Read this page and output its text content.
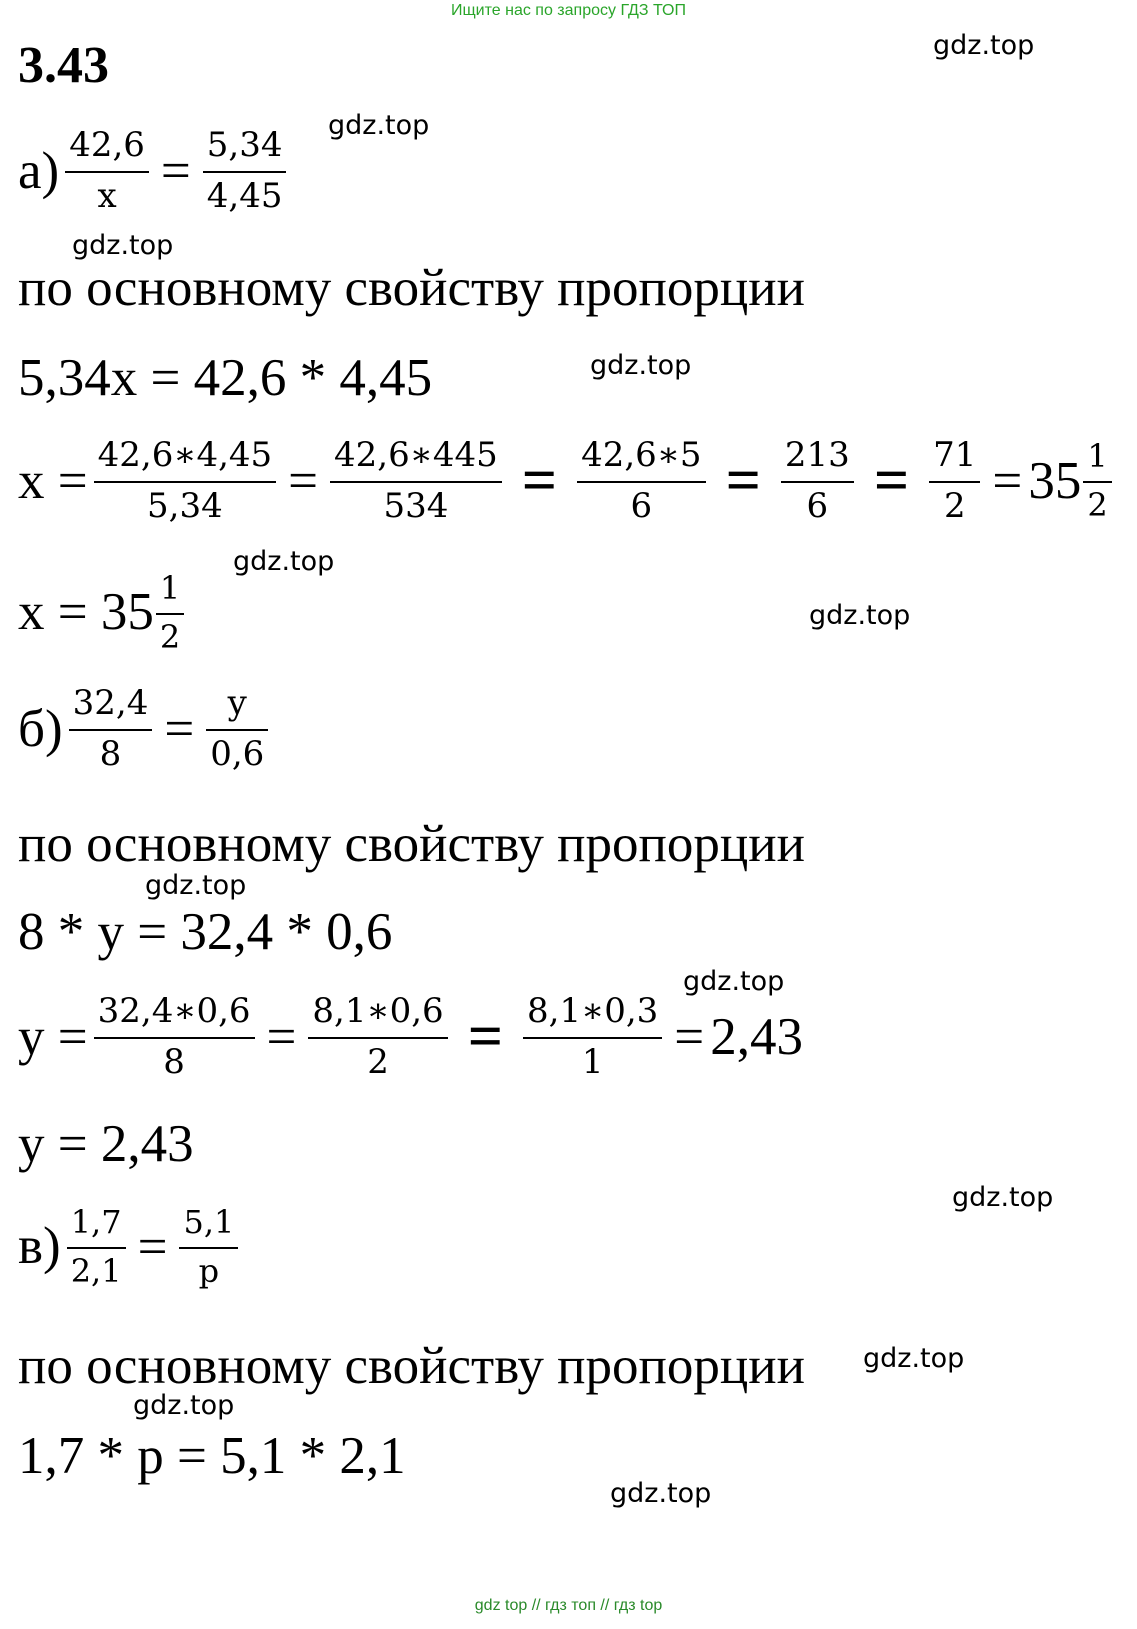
Ищите нас по запросу ГДЗ ТОП
3.43	gdz.top
gdz.top
gdz.top
gdz.top
gdz.top
gdz.top
gdz.top
gdz.top
gdz.top
gdz.top
gdz.top
gdz.top
$а) \frac{42,6}{x} = \frac{5,34}{4,45}$
по основному свойству пропорции
5,34x = 42,6 * 4,45
$x = \frac{42,6∗4,45}{5,34} = \frac{42,6∗445}{534} = \frac{42,6∗5}{6} = \frac{213}{6} = \frac{71}{2} = 35 \frac{1}{2}$
$x = 35 \frac{1}{2}$
$б) \frac{32,4}{8} = \frac{y}{0,6}$
по основному свойству пропорции
8 * y = 32,4 * 0,6
$y = \frac{32,4∗0,6}{8} = \frac{8,1∗0,6}{2} = \frac{8,1∗0,3}{1} = 2,43$
y = 2,43
$в) \frac{1,7}{2,1} = \frac{5,1}{p}$
по основному свойству пропорции
1,7 * p = 5,1 * 2,1
gdz top // гдз топ // гдз top
